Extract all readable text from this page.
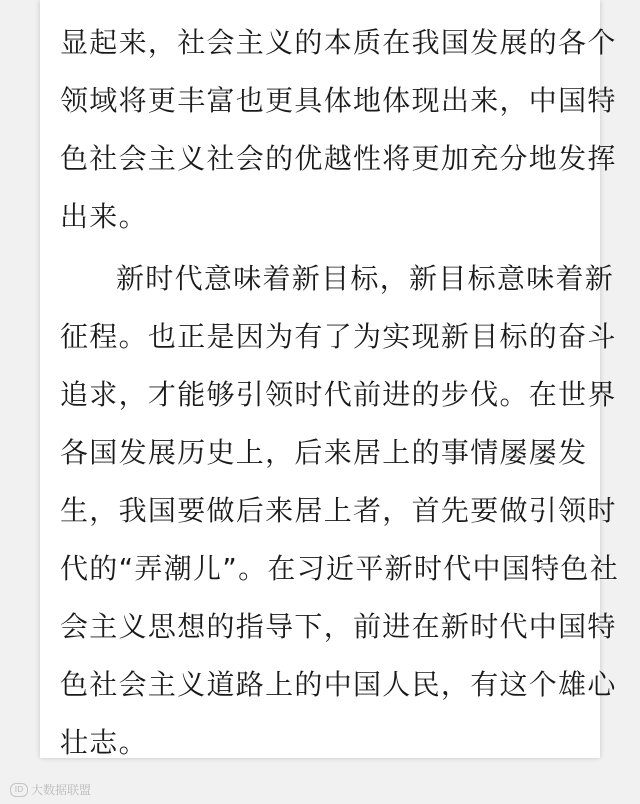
显起来，社会主义的本质在我国发展的各个
领域将更丰富也更具体地体现出来，中国特
色社会主义社会的优越性将更加充分地发挥
出来。
新时代意味着新目标，新目标意味着新
征程。也正是因为有了为实现新目标的奋斗
追求，才能够引领时代前进的步伐。在世界
各国发展历史上，后来居上的事情屡屡发
生，我国要做后来居上者，首先要做引领时
代的“弄潮儿”。在习近平新时代中国特色社
会主义思想的指导下，前进在新时代中国特
色社会主义道路上的中国人民，有这个雄心
壮志。
ID 大数据联盟
